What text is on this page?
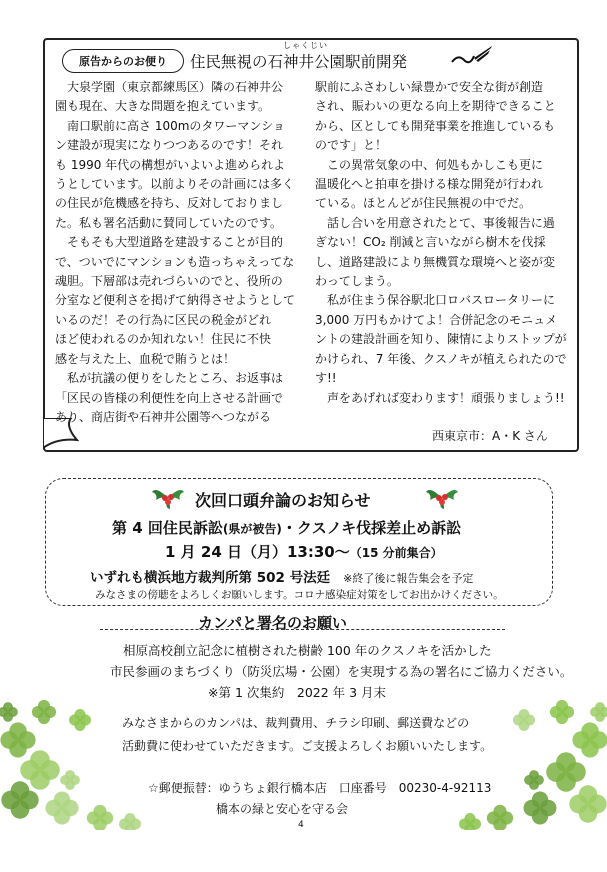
原告からのお便り
しゃくじい
住民無視の石神井公園駅前開発

　大泉学園（東京都練馬区）隣の石神井公

園も現在、大きな問題を抱えています。

　南口駅前に高さ 100mのタワーマンショ

ン建設が現実になりつつあるのです！それ

も 1990 年代の構想がいよいよ進められよ

うとしています。以前よりその計画には多く

の住民が危機感を持ち、反対しておりまし

た。私も署名活動に賛同していたのです。

　そもそも大型道路を建設することが目的

で、ついでにマンションも造っちゃえってな

魂胆。下層部は売れづらいのでと、役所の

分室など便利さを掲げて納得させようとして

いるのだ！その行為に区民の税金がどれ

ほど使われるのか知れない！住民に不快

感を与えた上、血税で賄うとは！

　私が抗議の便りをしたところ、お返事は

「区民の皆様の利便性を向上させる計画で

あり、商店街や石神井公園等へつながる

駅前にふさわしい緑豊かで安全な街が創造

され、賑わいの更なる向上を期待できること

から、区としても開発事業を推進しているも

のです」と！

　この異常気象の中、何処もかしこも更に

温暖化へと拍車を掛ける様な開発が行われ

ている。ほとんどが住民無視の中でだ。

　話し合いを用意されたとて、事後報告に過

ぎない！CO₂ 削減と言いながら樹木を伐採

し、道路建設により無機質な環境へと姿が変

わってしまう。

　私が住まう保谷駅北口ロバスロータリーに

3,000 万円もかけてよ！合併記念のモニュメ

ントの建設計画を知り、陳情によりストップが

かけられ、7 年後、クスノキが植えられたので

す!!

　声をあげれば変わります！頑張りましょう!!

西東京市：A・K さん
次回口頭弁論のお知らせ
第 4 回住民訴訟(県が被告)・クスノキ伐採差止め訴訟
1 月 24 日（月）13:30～（15 分前集合）
いずれも横浜地方裁判所第 502 号法廷　 ※終了後に報告集会を予定
みなさまの傍聴をよろしくお願いします。コロナ感染症対策をしてお出かけください。
カンパと署名のお願い
相原高校創立記念に植樹された樹齢 100 年のクスノキを活かした
市民参画のまちづくり（防災広場・公園）を実現する為の署名にご協力ください。
※第 1 次集約　2022 年 3 月末
みなさまからのカンパは、裁判費用、チラシ印刷、郵送費などの
活動費に使わせていただきます。ご支援よろしくお願いいたします。
☆郵便振替：ゆうちょ銀行橋本店　口座番号　00230-4-92113
橋本の緑と安心を守る会
4
